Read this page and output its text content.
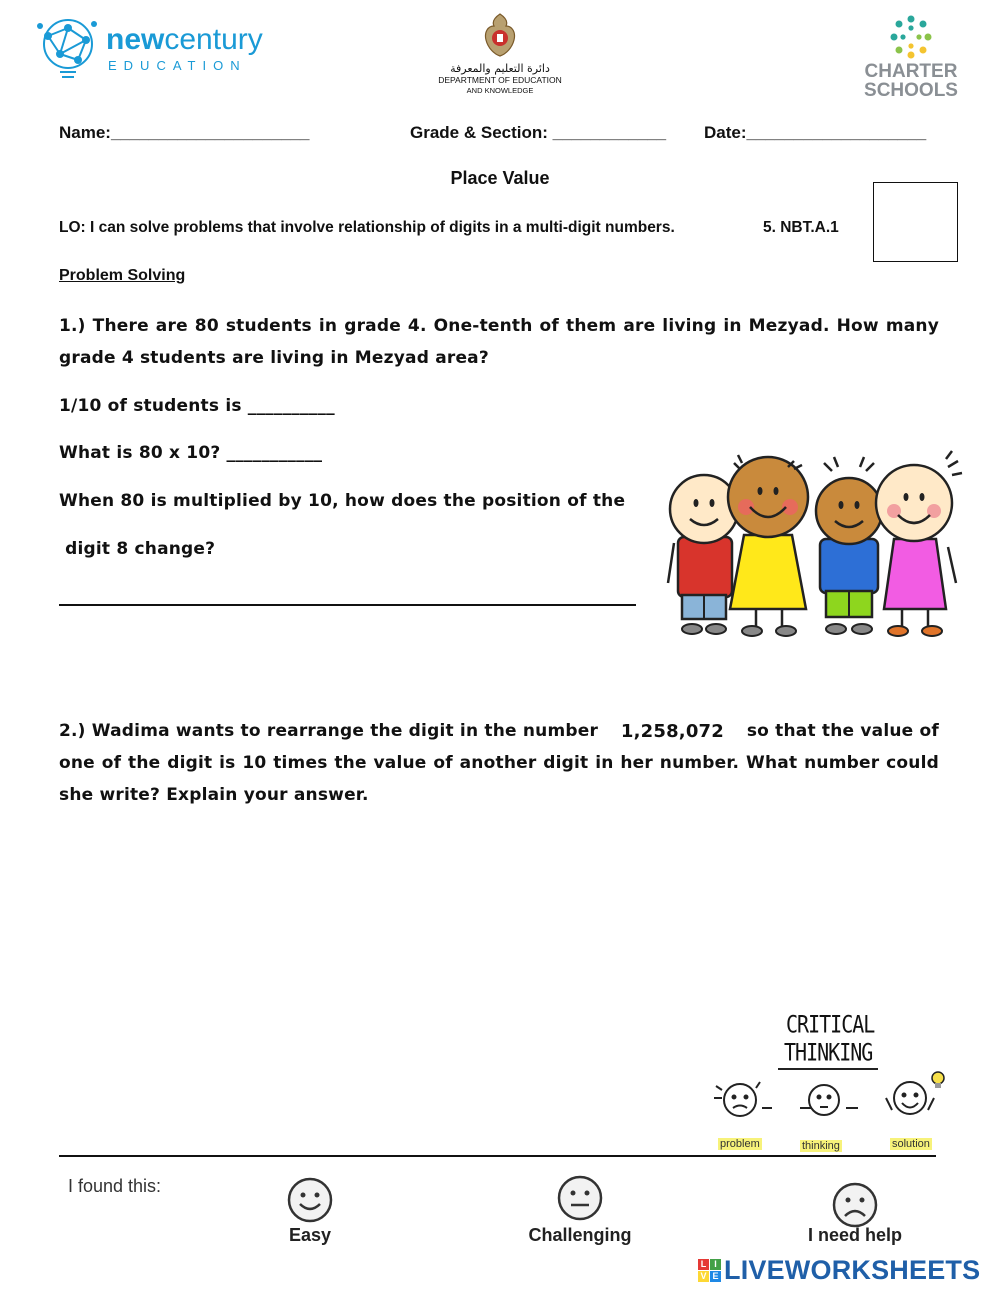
newcentury
EDUCATION	دائرة التعليم والمعرفة
DEPARTMENT OF EDUCATION
AND KNOWLEDGE
CHARTER
SCHOOLS
Name:_____________________	Grade & Section: ____________ Date:___________________
Place Value
LO: I can solve problems that involve relationship of digits in a multi-digit numbers.	5. NBT.A.1
Problem Solving
1.) There are 80 students in grade 4. One-tenth of them are living in Mezyad. How many
grade 4 students are living in Mezyad area?
1/10 of students is __________
What is 80 x 10? ___________
When 80 is multiplied by 10, how does the position of the
digit 8 change?
2.) Wadima wants to rearrange the digit in the number 1,258,072 so that the value of
one of the digit is 10 times the value of another digit in her number. What number could
she write? Explain your answer.
CRITICAL
THINKING
problem	thinking	solution
I found this:
Easy	Challenging	I need help
L I
V E LIVEWORKSHEETS
